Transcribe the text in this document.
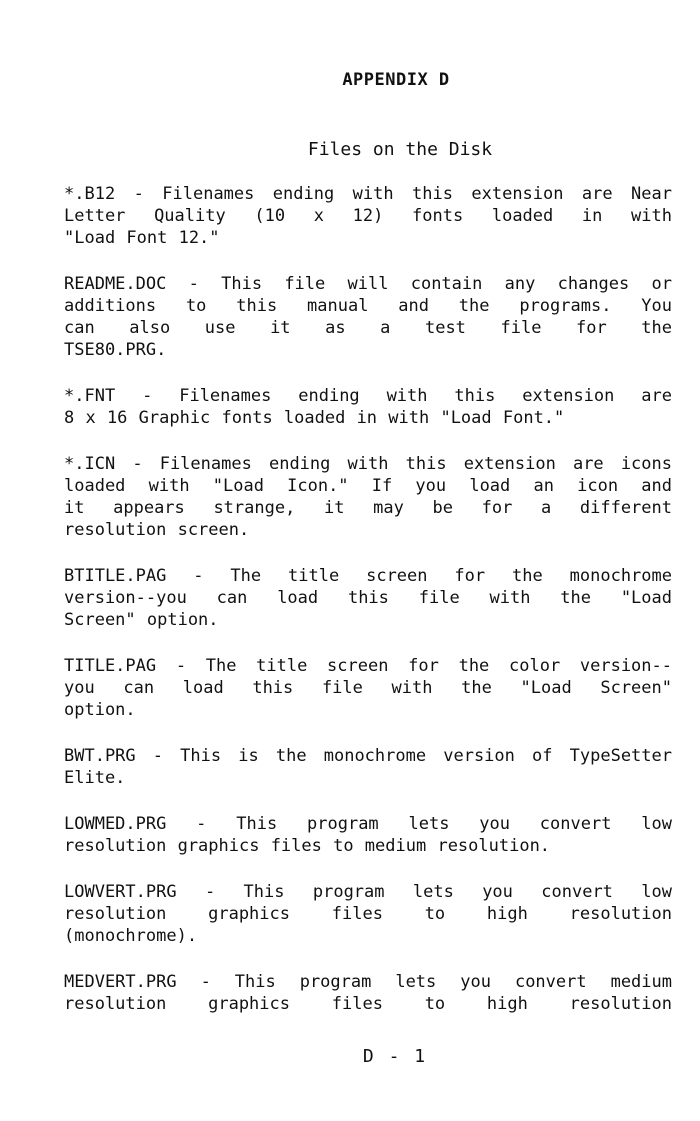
APPENDIX D
Files on the Disk
*.B12 - Filenames ending with this extension are Near
Letter Quality (10 x 12) fonts loaded in with
"Load Font 12."
README.DOC - This file will contain any changes or
additions to this manual and the programs. You
can also use it as a test file for the
TSE80.PRG.
*.FNT - Filenames ending with this extension are
8 x 16 Graphic fonts loaded in with "Load Font."
*.ICN - Filenames ending with this extension are icons
loaded with "Load Icon." If you load an icon and
it appears strange, it may be for a different
resolution screen.
BTITLE.PAG - The title screen for the monochrome
version--you can load this file with the "Load
Screen" option.
TITLE.PAG - The title screen for the color version--
you can load this file with the "Load Screen"
option.
BWT.PRG - This is the monochrome version of TypeSetter
Elite.
LOWMED.PRG - This program lets you convert low
resolution graphics files to medium resolution.
LOWVERT.PRG - This program lets you convert low
resolution graphics files to high resolution
(monochrome).
MEDVERT.PRG - This program lets you convert medium
resolution graphics files to high resolution
D - 1
